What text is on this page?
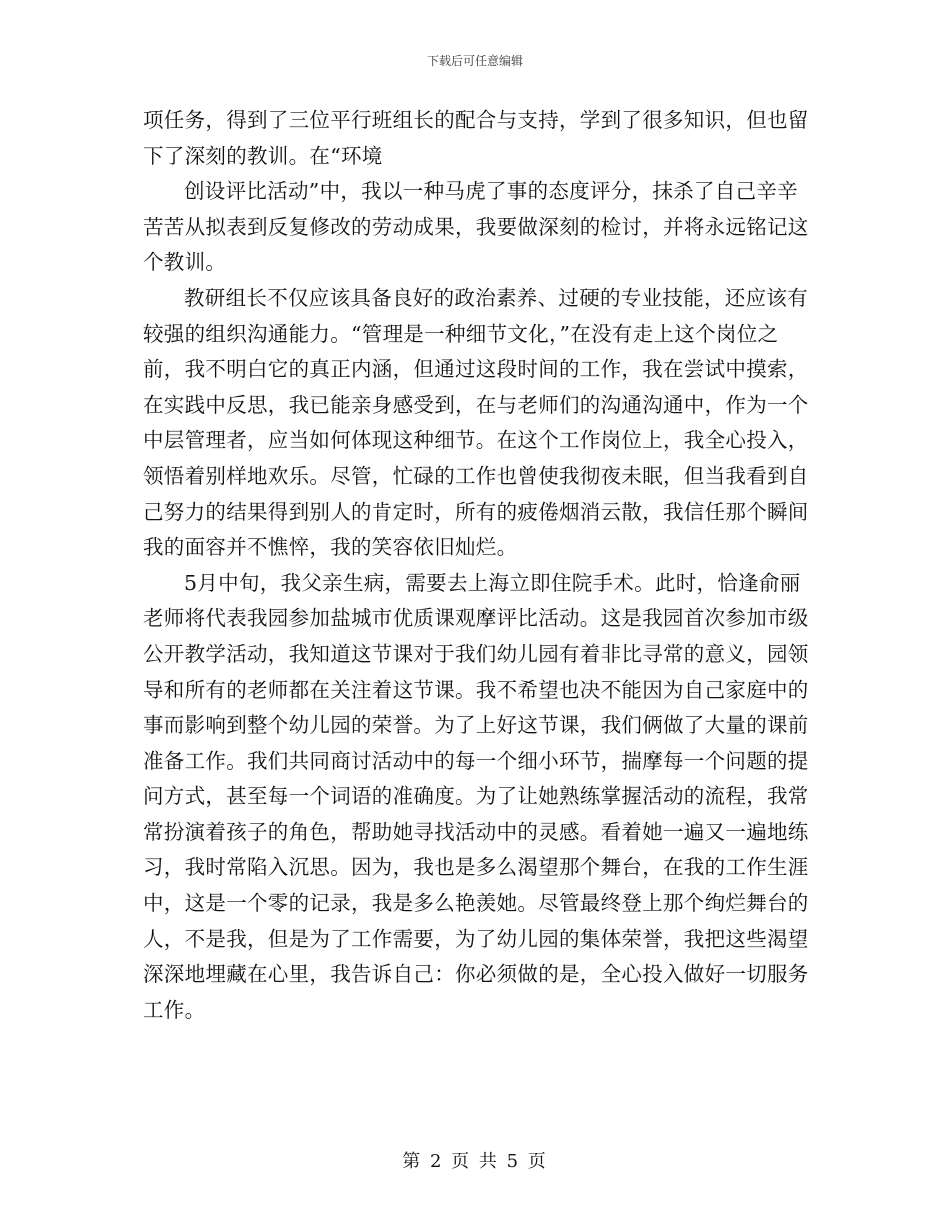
下载后可任意编辑

项任务，得到了三位平行班组长的配合与支持，学到了很多知识，但也留下了深刻的教训。在“环境

创设评比活动”中，我以一种马虎了事的态度评分，抹杀了自己辛辛苦苦从拟表到反复修改的劳动成果，我要做深刻的检讨，并将永远铭记这个教训。

教研组长不仅应该具备良好的政治素养、过硬的专业技能，还应该有较强的组织沟通能力。“管理是一种细节文化，”在没有走上这个岗位之前，我不明白它的真正内涵，但通过这段时间的工作，我在尝试中摸索，在实践中反思，我已能亲身感受到，在与老师们的沟通沟通中，作为一个中层管理者，应当如何体现这种细节。在这个工作岗位上，我全心投入，领悟着别样地欢乐。尽管，忙碌的工作也曾使我彻夜未眠，但当我看到自己努力的结果得到别人的肯定时，所有的疲倦烟消云散，我信任那个瞬间我的面容并不憔悴，我的笑容依旧灿烂。

5月中旬，我父亲生病，需要去上海立即住院手术。此时，恰逢俞丽老师将代表我园参加盐城市优质课观摩评比活动。这是我园首次参加市级公开教学活动，我知道这节课对于我们幼儿园有着非比寻常的意义，园领导和所有的老师都在关注着这节课。我不希望也决不能因为自己家庭中的事而影响到整个幼儿园的荣誉。为了上好这节课，我们俩做了大量的课前准备工作。我们共同商讨活动中的每一个细小环节，揣摩每一个问题的提问方式，甚至每一个词语的准确度。为了让她熟练掌握活动的流程，我常常扮演着孩子的角色，帮助她寻找活动中的灵感。看着她一遍又一遍地练习，我时常陷入沉思。因为，我也是多么渴望那个舞台，在我的工作生涯中，这是一个零的记录，我是多么艳羡她。尽管最终登上那个绚烂舞台的人，不是我，但是为了工作需要，为了幼儿园的集体荣誉，我把这些渴望深深地埋藏在心里，我告诉自己：你必须做的是，全心投入做好一切服务工作。

第 2 页 共 5 页
